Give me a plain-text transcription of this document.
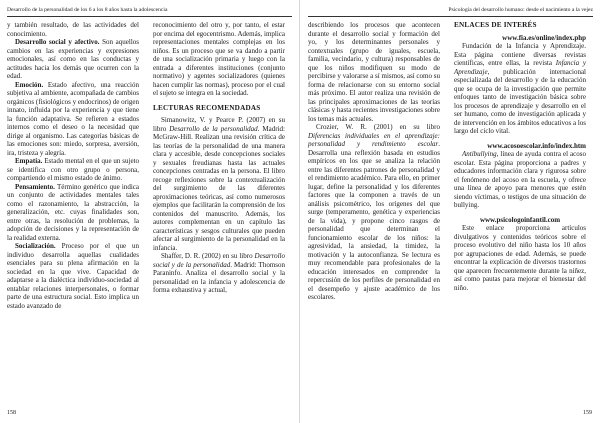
Desarrollo de la personalidad de los 6 a los 8 años hasta la adolescencia

y también resultado, de las actividades del conocimiento.

Desarrollo social y afectivo. Son aquellos cambios en las experiencias y expresiones emocionales, así como en las conductas y actitudes hacia los demás que ocurren con la edad.

Emoción. Estado afectivo, una reacción subjetiva al ambiente, acompañada de cambios orgánicos (fisiológicos y endocrinos) de origen innato, influida por la experiencia y que tiene la función adaptativa. Se refieren a estados internos como el deseo o la necesidad que dirige al organismo. Las categorías básicas de las emociones son: miedo, sorpresa, aversión, ira, tristeza y alegría.

Empatía. Estado mental en el que un sujeto se identifica con otro grupo o persona, compartiendo el mismo estado de ánimo.

Pensamiento. Término genérico que indica un conjunto de actividades mentales tales como el razonamiento, la abstracción, la generalización, etc. cuyas finalidades son, entre otras, la resolución de problemas, la adopción de decisiones y la representación de la realidad externa.

Socialización. Proceso por el que un individuo desarrolla aquellas cualidades esenciales para su plena afirmación en la sociedad en la que vive. Capacidad de adaptarse a la dialéctica individuo-sociedad al entablar relaciones interpersonales, o formar parte de una estructura social. Esto implica un estado avanzado de

reconocimiento del otro y, por tanto, el estar por encima del egocentrismo. Además, implica representaciones mentales complejas en los niños. Es un proceso que se va dando a partir de una socialización primaria y luego con la entrada a diferentes instituciones (conjunto normativo) y agentes socializadores (quienes hacen cumplir las normas), proceso por el cual el sujeto se integra en la sociedad.

LECTURAS RECOMENDADAS

Simanowitz, V. y Pearce P. (2007) en su libro Desarrollo de la personalidad. Madrid: McGraw-Hill. Realizan una revisión crítica de las teorías de la personalidad de una manera clara y accesible, desde concepciones sociales y sexuales freudianas hasta las actuales concepciones centradas en la persona. El libro recoge reflexiones sobre la contextualización del surgimiento de las diferentes aproximaciones teóricas, así como numerosos ejemplos que facilitarán la comprensión de los contenidos del manuscrito. Además, los autores complementan en un capítulo las características y sesgos culturales que pueden afectar al surgimiento de la personalidad en la infancia.

Shaffer, D. R. (2002) en su libro Desarrollo social y de la personalidad. Madrid: Thomson Paraninfo. Analiza el desarrollo social y la personalidad en la infancia y adolescencia de forma exhaustiva y actual,

158
Psicología del desarrollo humano: desde el nacimiento a la vejez

describiendo los procesos que acontecen durante el desarrollo social y formación del yo, y los determinantes personales y contextuales (grupo de iguales, escuela, familia, vecindario, y cultura) responsables de que los niños modifiquen su modo de percibirse y valorarse a sí mismos, así como su forma de relacionarse con su entorno social más próximo. El autor realiza una revisión de las principales aproximaciones de las teorías clásicas y hasta recientes investigaciones sobre los temas más actuales.

Crozier, W. R. (2001) en su libro Diferencias individuales en el aprendizaje: personalidad y rendimiento escolar. Desarrolla una reflexión basada en estudios empíricos en los que se analiza la relación entre las diferentes patrones de personalidad y el rendimiento académico. Para ello, en primer lugar, define la personalidad y los diferentes factores que la componen a través de un análisis psicométrico, los orígenes del que surge (temperamento, genética y experiencias de la vida), y propone cinco rasgos de personalidad que determinan el funcionamiento escolar de los niños: la agresividad, la ansiedad, la timidez, la motivación y la autoconfianza. Se lectura es muy recomendable para profesionales de la educación interesados en comprender la repercusión de los perfiles de personalidad en el desempeño y ajuste académico de los escolares.

ENLACES DE INTERÉS

www.fia.es/online/index.php

Fundación de la Infancia y Aprendizaje. Esta página contiene diversas revistas científicas, entre ellas, la revista Infancia y Aprendizaje, publicación internacional especializada del desarrollo y de la educación que se ocupa de la investigación que permite enfoques tanto de investigación básica sobre los procesos de aprendizaje y desarrollo en el ser humano, como de investigación aplicada y de intervención en los ámbitos educativos a los largo del ciclo vital.

www.acosoescolar.info/index.htm

Antibullying, línea de ayuda contra el acoso escolar. Esta página proporciona a padres y educadores información clara y rigurosa sobre el fenómeno del acoso en la escuela, y ofrece una línea de apoyo para menores que estén siendo víctimas, o testigos de una situación de bullying.

www.psicologoinfantil.com

Este enlace proporciona artículos divulgativos y contenidos teóricos sobre el proceso evolutivo del niño hasta los 10 años por agrupaciones de edad. Además, se puede encontrar la explicación de diversos trastornos que aparecen frecuentemente durante la niñez, así como pautas para mejorar el bienestar del niño.

159
